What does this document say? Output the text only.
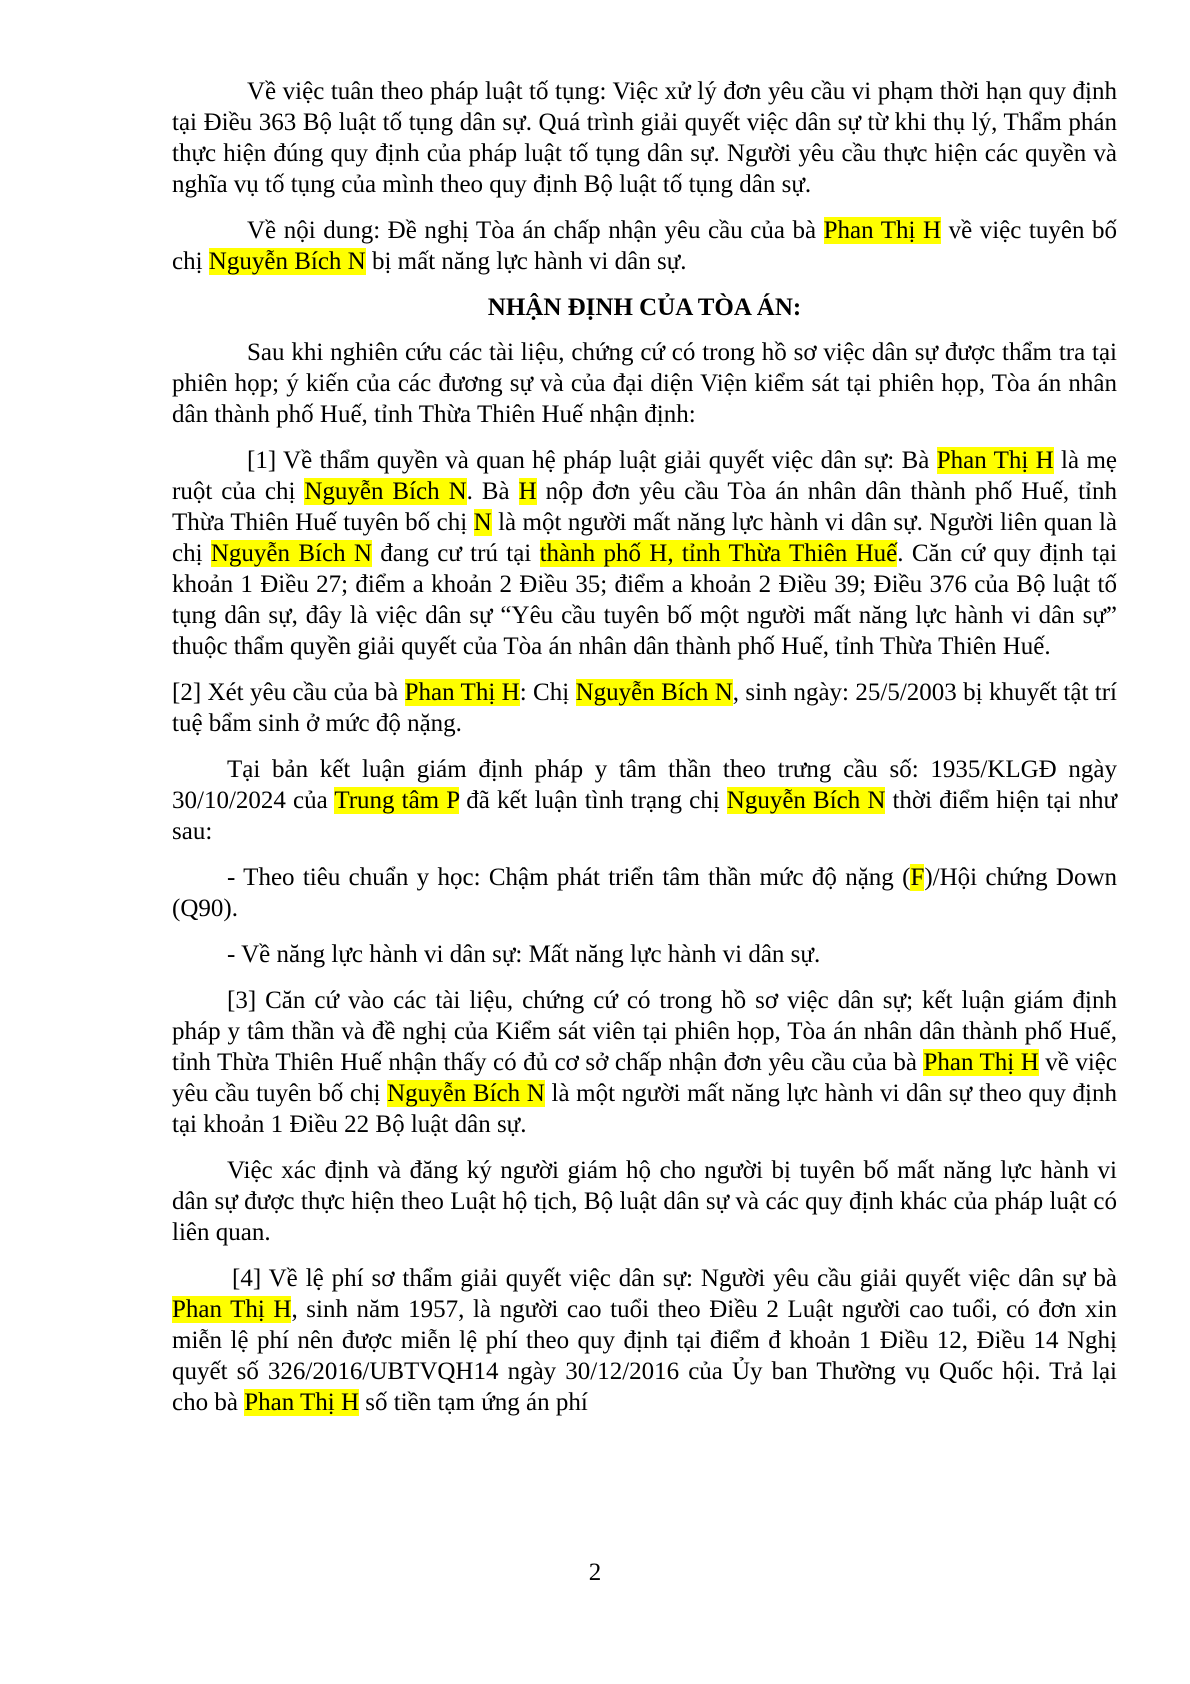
Về việc tuân theo pháp luật tố tụng: Việc xử lý đơn yêu cầu vi phạm thời hạn quy định tại Điều 363 Bộ luật tố tụng dân sự. Quá trình giải quyết việc dân sự từ khi thụ lý, Thẩm phán thực hiện đúng quy định của pháp luật tố tụng dân sự. Người yêu cầu thực hiện các quyền và nghĩa vụ tố tụng của mình theo quy định Bộ luật tố tụng dân sự.

Về nội dung: Đề nghị Tòa án chấp nhận yêu cầu của bà Phan Thị H về việc tuyên bố chị Nguyễn Bích N bị mất năng lực hành vi dân sự.

NHẬN ĐỊNH CỦA TÒA ÁN:

Sau khi nghiên cứu các tài liệu, chứng cứ có trong hồ sơ việc dân sự được thẩm tra tại phiên họp; ý kiến của các đương sự và của đại diện Viện kiểm sát tại phiên họp, Tòa án nhân dân thành phố Huế, tỉnh Thừa Thiên Huế nhận định:

[1] Về thẩm quyền và quan hệ pháp luật giải quyết việc dân sự: Bà Phan Thị H là mẹ ruột của chị Nguyễn Bích N. Bà H nộp đơn yêu cầu Tòa án nhân dân thành phố Huế, tỉnh Thừa Thiên Huế tuyên bố chị N là một người mất năng lực hành vi dân sự. Người liên quan là chị Nguyễn Bích N đang cư trú tại thành phố H, tỉnh Thừa Thiên Huế. Căn cứ quy định tại khoản 1 Điều 27; điểm a khoản 2 Điều 35; điểm a khoản 2 Điều 39; Điều 376 của Bộ luật tố tụng dân sự, đây là việc dân sự “Yêu cầu tuyên bố một người mất năng lực hành vi dân sự” thuộc thẩm quyền giải quyết của Tòa án nhân dân thành phố Huế, tỉnh Thừa Thiên Huế.

[2] Xét yêu cầu của bà Phan Thị H: Chị Nguyễn Bích N, sinh ngày: 25/5/2003 bị khuyết tật trí tuệ bẩm sinh ở mức độ nặng.

Tại bản kết luận giám định pháp y tâm thần theo trưng cầu số: 1935/KLGĐ ngày 30/10/2024 của Trung tâm P đã kết luận tình trạng chị Nguyễn Bích N thời điểm hiện tại như sau:

- Theo tiêu chuẩn y học: Chậm phát triển tâm thần mức độ nặng (F)/Hội chứng Down (Q90).

- Về năng lực hành vi dân sự: Mất năng lực hành vi dân sự.

[3] Căn cứ vào các tài liệu, chứng cứ có trong hồ sơ việc dân sự; kết luận giám định pháp y tâm thần và đề nghị của Kiểm sát viên tại phiên họp, Tòa án nhân dân thành phố Huế, tỉnh Thừa Thiên Huế nhận thấy có đủ cơ sở chấp nhận đơn yêu cầu của bà Phan Thị H về việc yêu cầu tuyên bố chị Nguyễn Bích N là một người mất năng lực hành vi dân sự theo quy định tại khoản 1 Điều 22 Bộ luật dân sự.

Việc xác định và đăng ký người giám hộ cho người bị tuyên bố mất năng lực hành vi dân sự được thực hiện theo Luật hộ tịch, Bộ luật dân sự và các quy định khác của pháp luật có liên quan.

[4] Về lệ phí sơ thẩm giải quyết việc dân sự: Người yêu cầu giải quyết việc dân sự bà Phan Thị H, sinh năm 1957, là người cao tuổi theo Điều 2 Luật người cao tuổi, có đơn xin miễn lệ phí nên được miễn lệ phí theo quy định tại điểm đ khoản 1 Điều 12, Điều 14 Nghị quyết số 326/2016/UBTVQH14 ngày 30/12/2016 của Ủy ban Thường vụ Quốc hội. Trả lại cho bà Phan Thị H số tiền tạm ứng án phí

2
